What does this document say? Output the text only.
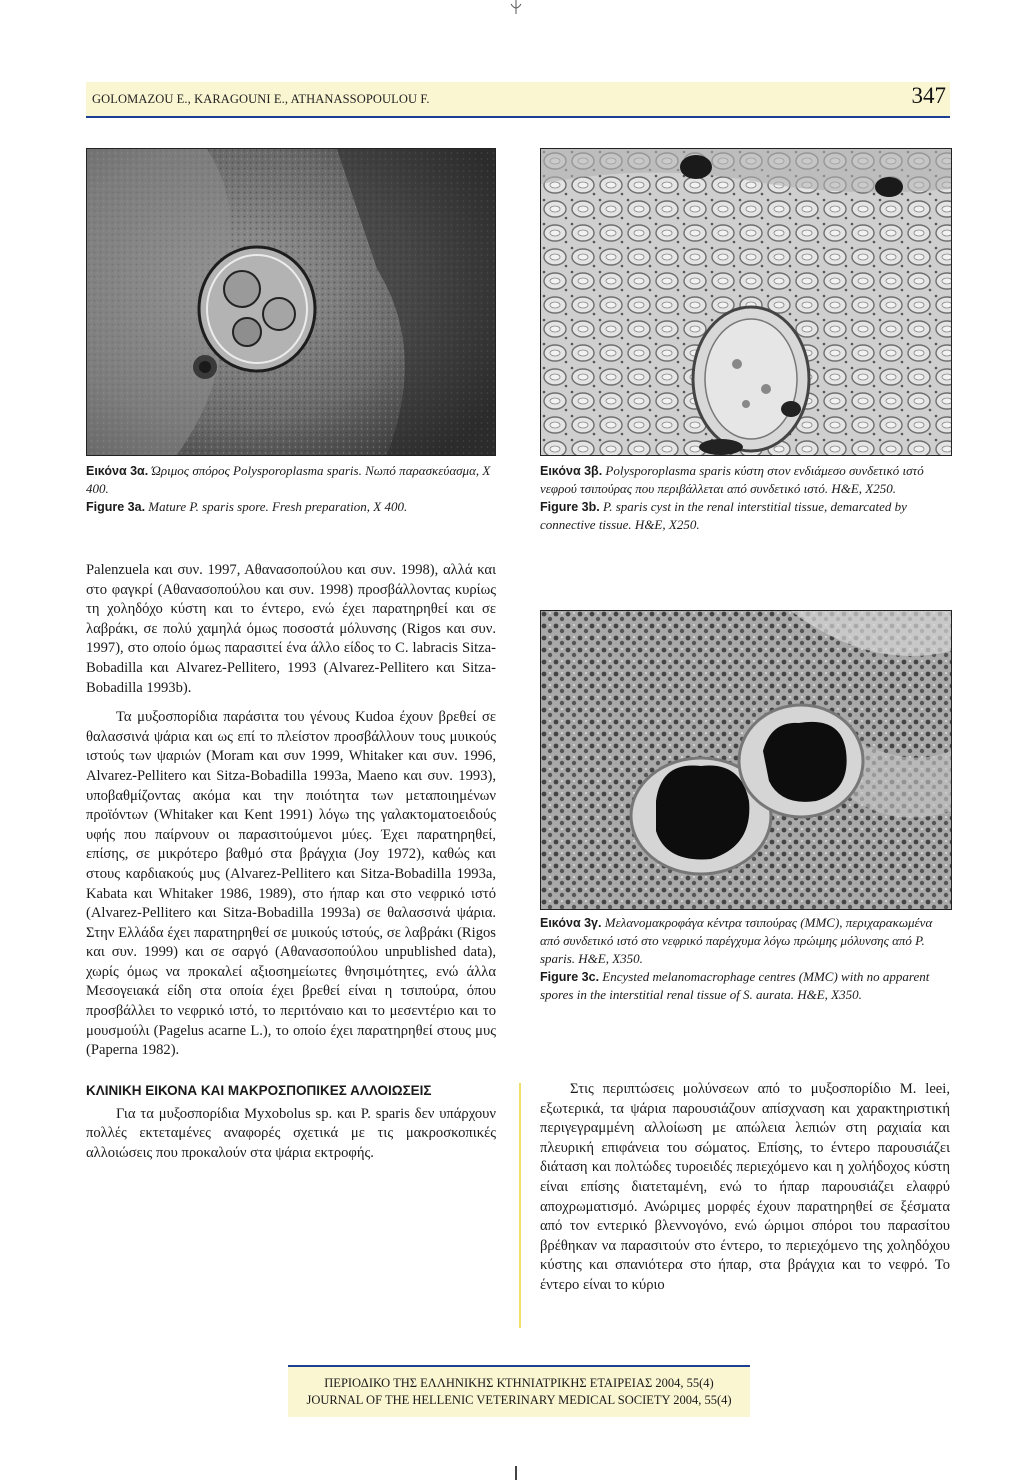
GOLOMAZOU E., KARAGOUNI E., ATHANASSOPOULOU F.	347
Εικόνα 3α. Ώριμος σπόρος Polysporoplasma sparis. Νωπό παρασκεύασμα, X 400.
Figure 3a. Mature P. sparis spore. Fresh preparation, X 400.
Εικόνα 3β. Polysporoplasma sparis κύστη στον ενδιάμεσο συνδετικό ιστό νεφρού τσιπούρας που περιβάλλεται από συνδετικό ιστό. H&E, X250.
Figure 3b. P. sparis cyst in the renal interstitial tissue, demarcated by connective tissue. H&E, X250.
Εικόνα 3γ. Μελανομακροφάγα κέντρα τσιπούρας (MMC), περιχαρακωμένα από συνδετικό ιστό στο νεφρικό παρέγχυμα λόγω πρώιμης μόλυνσης από P. sparis. H&E, X350.
Figure 3c. Encysted melanomacrophage centres (MMC) with no apparent spores in the interstitial renal tissue of S. aurata. H&E, X350.

Palenzuela και συν. 1997, Αθανασοπούλου και συν. 1998), αλλά και στο φαγκρί (Αθανασοπούλου και συν. 1998) προσβάλλοντας κυρίως τη χοληδόχο κύστη και το έντερο, ενώ έχει παρατηρηθεί και σε λαβράκι, σε πολύ χαμηλά όμως ποσοστά μόλυνσης (Rigos και συν. 1997), στο οποίο όμως παρασιτεί ένα άλλο είδος το C. labracis Sitza-Bobadilla και Alvarez-Pellitero, 1993 (Alvarez-Pellitero και Sitza-Bobadilla 1993b).

Τα μυξοσπορίδια παράσιτα του γένους Kudoa έχουν βρεθεί σε θαλασσινά ψάρια και ως επί το πλείστον προσβάλλουν τους μυικούς ιστούς των ψαριών (Moram και συν 1999, Whitaker και συν. 1996, Alvarez-Pellitero και Sitza-Bobadilla 1993a, Maeno και συν. 1993), υποβαθμίζοντας ακόμα και την ποιότητα των μεταποιημένων προϊόντων (Whitaker και Kent 1991) λόγω της γαλακτοματοειδούς υφής που παίρνουν οι παρασιτούμενοι μύες. Έχει παρατηρηθεί, επίσης, σε μικρότερο βαθμό στα βράγχια (Joy 1972), καθώς και στους καρδιακούς μυς (Alvarez-Pellitero και Sitza-Bobadilla 1993a, Kabata και Whitaker 1986, 1989), στο ήπαρ και στο νεφρικό ιστό (Alvarez-Pellitero και Sitza-Bobadilla 1993a) σε θαλασσινά ψάρια. Στην Ελλάδα έχει παρατηρηθεί σε μυικούς ιστούς, σε λαβράκι (Rigos και συν. 1999) και σε σαργό (Αθανασοπούλου unpublished data), χωρίς όμως να προκαλεί αξιοσημείωτες θνησιμότητες, ενώ άλλα Μεσογειακά είδη στα οποία έχει βρεθεί είναι η τσιπούρα, όπου προσβάλλει το νεφρικό ιστό, το περιτόναιο και το μεσεντέριο και το μουσμούλι (Pagelus acarne L.), το οποίο έχει παρατηρηθεί στους μυς (Paperna 1982).

ΚΛΙΝΙΚΗ ΕΙΚΟΝΑ ΚΑΙ ΜΑΚΡΟΣΠΟΠΙΚΕΣ ΑΛΛΟΙΩΣΕΙΣ

Για τα μυξοσπορίδια Myxobolus sp. και P. sparis δεν υπάρχουν πολλές εκτεταμένες αναφορές σχετικά με τις μακροσκοπικές αλλοιώσεις που προκαλούν στα ψάρια εκτροφής.

Στις περιπτώσεις μολύνσεων από το μυξοσπορίδιο M. leei, εξωτερικά, τα ψάρια παρουσιάζουν απίσχναση και χαρακτηριστική περιγεγραμμένη αλλοίωση με απώλεια λεπιών στη ραχιαία και πλευρική επιφάνεια του σώματος. Επίσης, το έντερο παρουσιάζει διάταση και πολτώδες τυροειδές περιεχόμενο και η χολήδοχος κύστη είναι επίσης διατεταμένη, ενώ το ήπαρ παρουσιάζει ελαφρύ αποχρωματισμό. Ανώριμες μορφές έχουν παρατηρηθεί σε ξέσματα από τον εντερικό βλεννογόνο, ενώ ώριμοι σπόροι του παρασίτου βρέθηκαν να παρασιτούν στο έντερο, το περιεχόμενο της χοληδόχου κύστης και σπανιότερα στο ήπαρ, στα βράγχια και το νεφρό. Το έντερο είναι το κύριο

ΠΕΡΙΟΔΙΚΟ ΤΗΣ ΕΛΛΗΝΙΚΗΣ ΚΤΗΝΙΑΤΡΙΚΗΣ ΕΤΑΙΡΕΙΑΣ 2004, 55(4)
JOURNAL OF THE HELLENIC VETERINARY MEDICAL SOCIETY 2004, 55(4)
